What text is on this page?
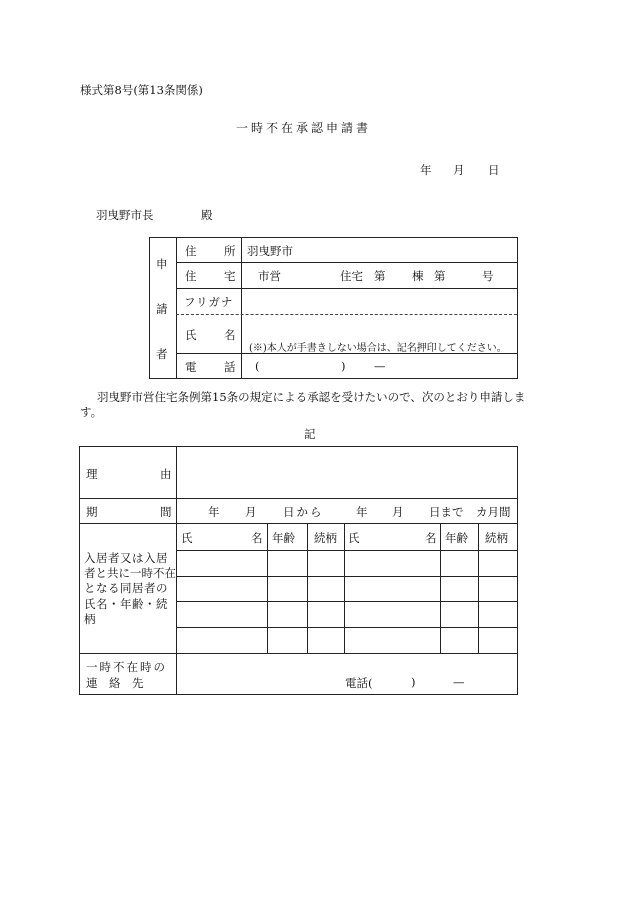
様式第8号(第13条関係)
一時不在承認申請書
年 月 日
羽曳野市長	殿
申
請
者
住 所 羽曳野市
住 宅 市営	住宅 第 棟 第	号
フリガナ
氏 名
(※)本人が手書きしない場合は、記名押印してください。
電 話 (	) —
羽曳野市営住宅条例第15条の規定による承認を受けたいので、次のとおり申請しま
す。
記
理	由
期	間	年 月 日から	年 月 日まで カ月間
入居者又は入居
者と共に一時不在
となる同居者の
氏名・年齢・続
柄
氏	名 年齢 続柄 氏	名 年齢 続柄
一時不在時の
連　絡　先	電話(	)	—
